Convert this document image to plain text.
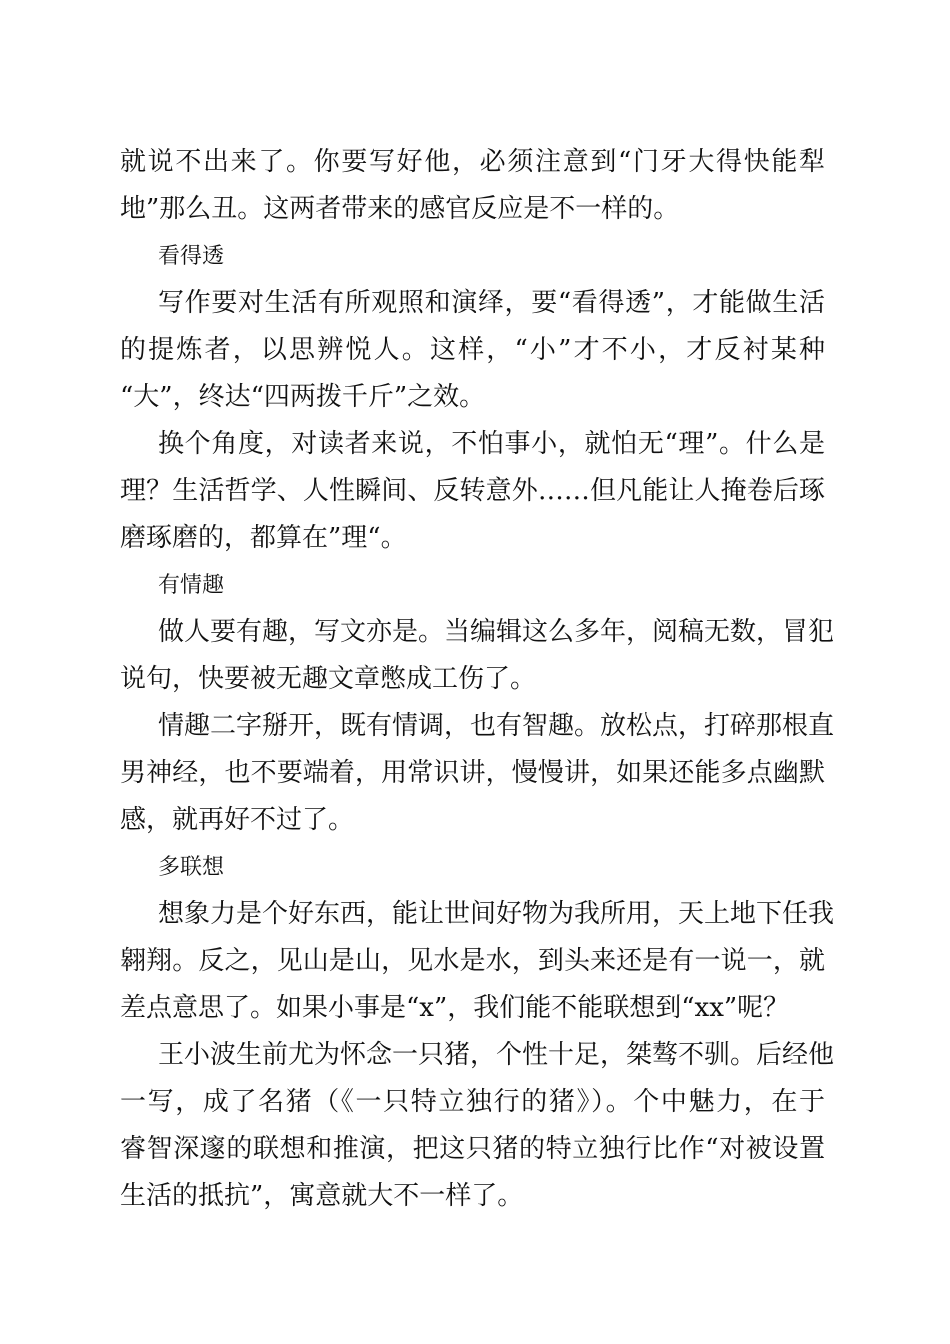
就说不出来了。你要写好他，必须注意到“门牙大得快能犁
地”那么丑。这两者带来的感官反应是不一样的。
看得透
写作要对生活有所观照和演绎，要“看得透”，才能做生活
的提炼者，以思辨悦人。这样，“小”才不小，才反衬某种
“大”，终达“四两拨千斤”之效。
换个角度，对读者来说，不怕事小，就怕无“理”。什么是
理？生活哲学、人性瞬间、反转意外……但凡能让人掩卷后琢
磨琢磨的，都算在”理“。
有情趣
做人要有趣，写文亦是。当编辑这么多年，阅稿无数，冒犯
说句，快要被无趣文章憋成工伤了。
情趣二字掰开，既有情调，也有智趣。放松点，打碎那根直
男神经，也不要端着，用常识讲，慢慢讲，如果还能多点幽默
感，就再好不过了。
多联想
想象力是个好东西，能让世间好物为我所用，天上地下任我
翱翔。反之，见山是山，见水是水，到头来还是有一说一，就
差点意思了。如果小事是“x”，我们能不能联想到“xx”呢？
王小波生前尤为怀念一只猪，个性十足，桀骜不驯。后经他
一写，成了名猪（《一只特立独行的猪》）。个中魅力，在于
睿智深邃的联想和推演，把这只猪的特立独行比作“对被设置
生活的抵抗”，寓意就大不一样了。
